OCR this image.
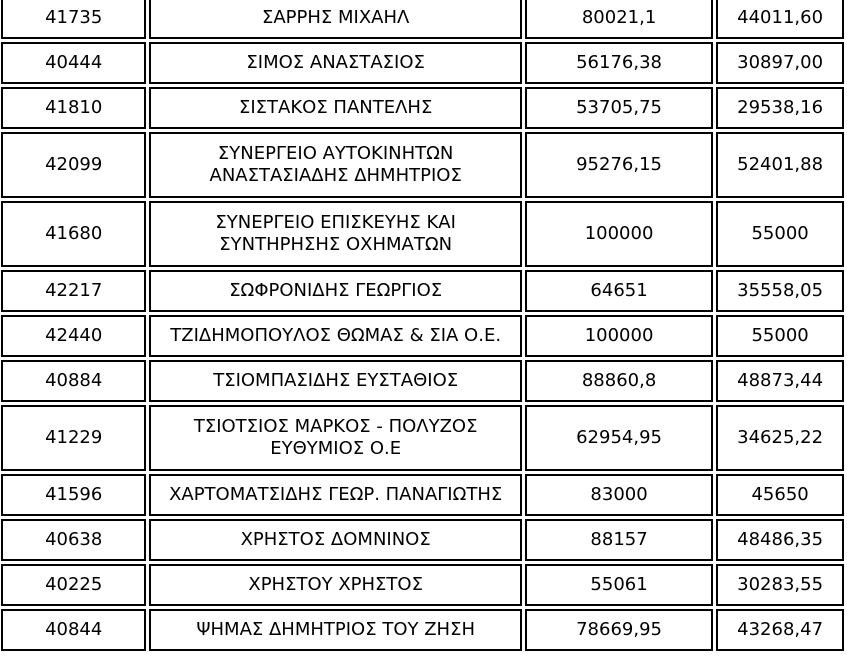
41735	ΣΑΡΡΗΣ ΜΙΧΑΗΛ	80021,1	44011,60
40444	ΣΙΜΟΣ ΑΝΑΣΤΑΣΙΟΣ	56176,38	30897,00
41810	ΣΙΣΤΑΚΟΣ ΠΑΝΤΕΛΗΣ	53705,75	29538,16
42099	ΣΥΝΕΡΓΕΙΟ ΑΥΤΟΚΙΝΗΤΩΝ
ΑΝΑΣΤΑΣΙΑΔΗΣ ΔΗΜΗΤΡΙΟΣ	95276,15	52401,88
41680	ΣΥΝΕΡΓΕΙΟ ΕΠΙΣΚΕΥΗΣ ΚΑΙ
ΣΥΝΤΗΡΗΣΗΣ ΟΧΗΜΑΤΩΝ	100000	55000
42217	ΣΩΦΡΟΝΙΔΗΣ ΓΕΩΡΓΙΟΣ	64651	35558,05
42440	ΤΖΙΔΗΜΟΠΟΥΛΟΣ ΘΩΜΑΣ & ΣΙΑ Ο.Ε.	100000	55000
40884	ΤΣΙΟΜΠΑΣΙΔΗΣ ΕΥΣΤΑΘΙΟΣ	88860,8	48873,44
41229	ΤΣΙΟΤΣΙΟΣ ΜΑΡΚΟΣ - ΠΟΛΥΖΟΣ
ΕΥΘΥΜΙΟΣ Ο.Ε	62954,95	34625,22
41596	ΧΑΡΤΟΜΑΤΣΙΔΗΣ ΓΕΩΡ. ΠΑΝΑΓΙΩΤΗΣ	83000	45650
40638	ΧΡΗΣΤΟΣ ΔΟΜΝΙΝΟΣ	88157	48486,35
40225	ΧΡΗΣΤΟΥ ΧΡΗΣΤΟΣ	55061	30283,55
40844	ΨΗΜΑΣ ΔΗΜΗΤΡΙΟΣ ΤΟΥ ΖΗΣΗ	78669,95	43268,47
